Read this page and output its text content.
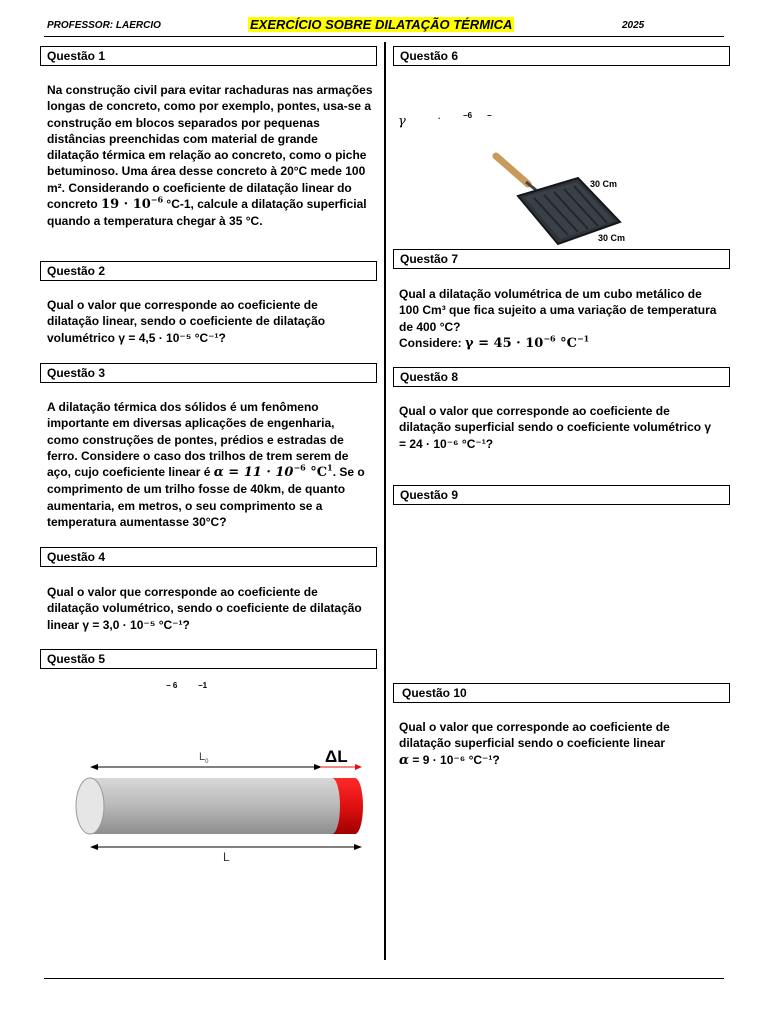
PROFESSOR: LAERCIO	EXERCÍCIO SOBRE DILATAÇÃO TÉRMICA	2025
Questão 1
Na construção civil para evitar rachaduras nas armações longas de concreto, como por exemplo, pontes, usa-se a construção em blocos separados por pequenas distâncias preenchidas com material de grande dilatação térmica em relação ao concreto, como o piche betuminoso. Uma área desse concreto à 20°C mede 100 m². Considerando o coeficiente de dilatação linear do concreto $19 \cdot 10^{-6}$ °C-1, calcule a dilatação superficial quando a temperatura chegar à 35 °C.
Questão 2
Qual o valor que corresponde ao coeficiente de dilatação linear, sendo o coeficiente de dilatação volumétrico γ = 4,5 · 10⁻⁵ °C⁻¹?
Questão 3
A dilatação térmica dos sólidos é um fenômeno importante em diversas aplicações de engenharia, como construções de pontes, prédios e estradas de ferro. Considere o caso dos trilhos de trem serem de aço, cujo coeficiente linear é $\alpha = 11 \cdot 10^{-6}$ $^\circ C^1$. Se o comprimento de um trilho fosse de 40km, de quanto aumentaria, em metros, o seu comprimento se a temperatura aumentasse 30°C?
Questão 4
Qual o valor que corresponde ao coeficiente de dilatação volumétrico, sendo o coeficiente de dilatação linear γ = 3,0 · 10⁻⁵ °C⁻¹?
Questão 5
− 6	−1
$L_0$	ΔL
L
Questão 6
γ	·	−6 −
30 Cm
30 Cm
Questão 7
Qual a dilatação volumétrica de um cubo metálico de 100 Cm³ que fica sujeito a uma variação de temperatura de 400 °C?
Considere: $\gamma = 45 \cdot 10^{-6}$ $^\circ C^{-1}$
Questão 8
Qual o valor que corresponde ao coeficiente de dilatação superficial sendo o coeficiente volumétrico γ = 24 · 10⁻⁶ °C⁻¹?
Questão 9
Questão 10
Qual o valor que corresponde ao coeficiente de dilatação superficial sendo o coeficiente linear
α = 9 · 10⁻⁶ °C⁻¹?
